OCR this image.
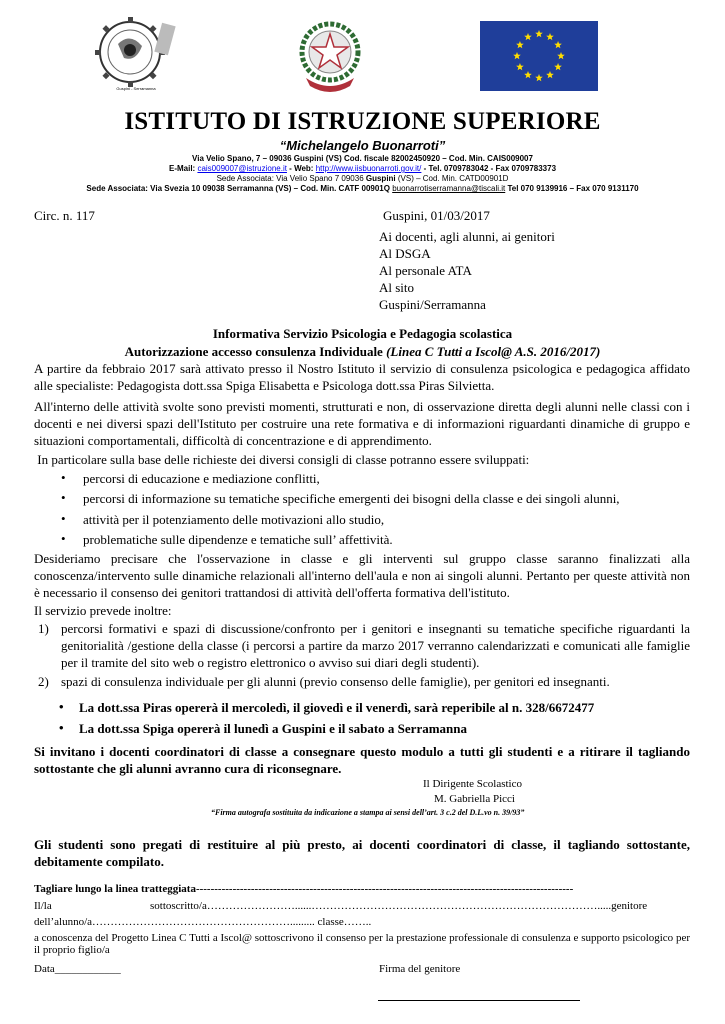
Guspini - Serramanna
ISTITUTO DI ISTRUZIONE SUPERIORE
“Michelangelo Buonarroti”
Via Velio Spano, 7 – 09036 Guspini (VS) Cod. fiscale 82002450920 – Cod. Min. CAIS009007
E-Mail: cais009007@istruzione.it - Web: http://www.iisbuonarroti.gov.it/ - Tel. 0709783042 - Fax 0709783373
Sede Associata: Via Velio Spano 7 09036 Guspini (VS) – Cod. Min. CATD00901D
Sede Associata: Via Svezia 10 09038 Serramanna (VS) – Cod. Min. CATF 00901Q buonarrotiserramanna@tiscali.it Tel 070 9139916 – Fax 070 9131170
Circ. n. 117	Guspini, 01/03/2017
Ai docenti, agli alunni, ai genitori
Al DSGA
Al personale ATA
Al sito
Guspini/Serramanna
Informativa Servizio Psicologia e Pedagogia scolastica
Autorizzazione accesso consulenza Individuale (Linea C Tutti a Iscol@ A.S. 2016/2017)
A partire da febbraio 2017 sarà attivato presso il Nostro Istituto il servizio di consulenza psicologica e pedagogica affidato alle specialiste: Pedagogista dott.ssa Spiga Elisabetta e Psicologa dott.ssa Piras Silvietta.
All'interno delle attività svolte sono previsti momenti, strutturati e non, di osservazione diretta degli alunni nelle classi con i docenti e nei diversi spazi dell'Istituto per costruire una rete formativa e di informazioni riguardanti dinamiche di gruppo e situazioni comportamentali, difficoltà di concentrazione e di apprendimento.
In particolare sulla base delle richieste dei diversi consigli di classe potranno essere sviluppati:
• percorsi di educazione e mediazione conflitti,
• percorsi di informazione su tematiche specifiche emergenti dei bisogni della classe e dei singoli alunni,
• attività per il potenziamento delle motivazioni allo studio,
• problematiche sulle dipendenze e tematiche sull’ affettività.
Desideriamo precisare che l'osservazione in classe e gli interventi sul gruppo classe saranno finalizzati alla conoscenza/intervento sulle dinamiche relazionali all'interno dell'aula e non ai singoli alunni. Pertanto per queste attività non è necessario il consenso dei genitori trattandosi di attività dell'offerta formativa dell'istituto.
Il servizio prevede inoltre:
1) percorsi formativi e spazi di discussione/confronto per i genitori e insegnanti su tematiche specifiche riguardanti la genitorialità /gestione della classe (i percorsi a partire da marzo 2017 verranno calendarizzati e comunicati alle famiglie per il tramite del sito web o registro elettronico o avviso sui diari degli studenti).
2) spazi di consulenza individuale per gli alunni (previo consenso delle famiglie), per genitori ed insegnanti.
• La dott.ssa Piras opererà il mercoledì, il giovedì e il venerdì, sarà reperibile al n. 328/6672477
• La dott.ssa Spiga opererà il lunedì a Guspini e il sabato a Serramanna
Si invitano i docenti coordinatori di classe a consegnare questo modulo a tutti gli studenti e a ritirare il tagliando sottostante che gli alunni avranno cura di riconsegnare.
Il Dirigente Scolastico
M. Gabriella Picci
“Firma autografa sostituita da indicazione a stampa ai sensi dell’art. 3 c.2 del D.L.vo n. 39/93”
Gli studenti sono pregati di restituire al più presto, ai docenti coordinatori di classe, il tagliando sottostante, debitamente compilato.
Tagliare lungo la linea tratteggiata-------------------------------------------------------------------------------------------------------
Il/la	sottoscritto/a……………………......…………………………………………………………………….....genitore
dell’alunno/a………………………………………………......... classe……..
a conoscenza del Progetto Linea C Tutti a Iscol@ sottoscrivono il consenso per la prestazione professionale di consulenza e supporto psicologico per il proprio figlio/a
Data____________	Firma del genitore
